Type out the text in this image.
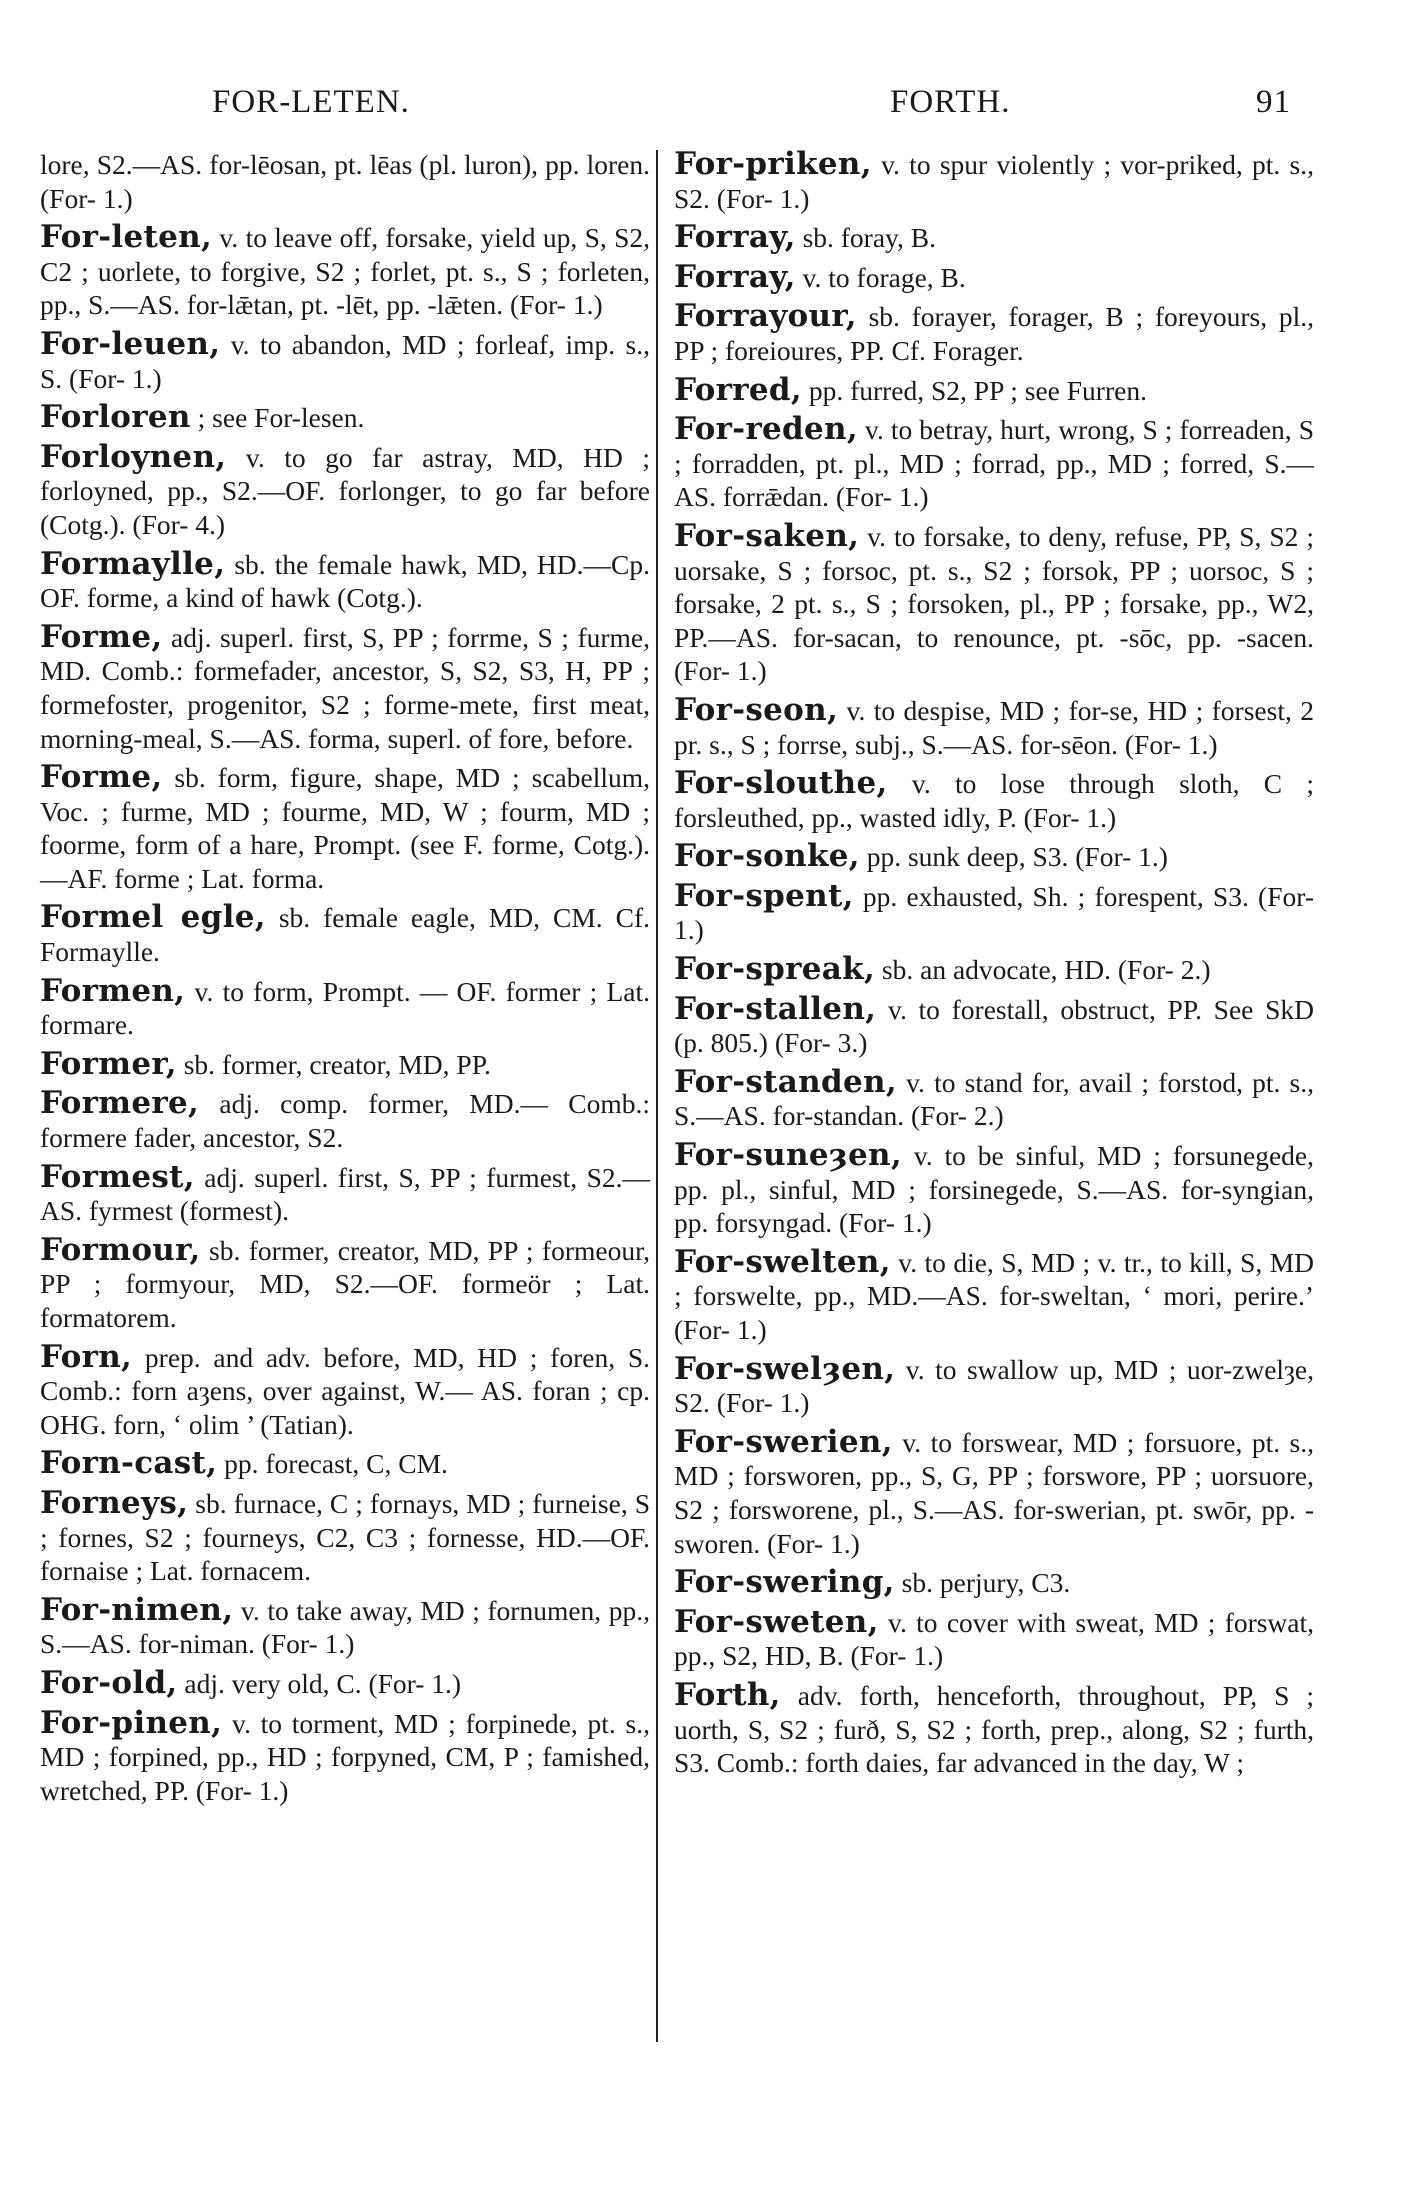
FOR-LETEN.	FORTH.	91
lore, S2.—AS. for-lēosan, pt. lēas (pl. luron), pp. loren. (For- 1.)
For-leten, v. to leave off, forsake, yield up, S, S2, C2 ; uorlete, to forgive, S2 ; forlet, pt. s., S ; forleten, pp., S.—AS. for-lǣtan, pt. -lēt, pp. -lǣten. (For- 1.)
For-leuen, v. to abandon, MD ; forleaf, imp. s., S. (For- 1.)
Forloren ; see For-lesen.
Forloynen, v. to go far astray, MD, HD ; forloyned, pp., S2.—OF. forlonger, to go far before (Cotg.). (For- 4.)
Formaylle, sb. the female hawk, MD, HD.—Cp. OF. forme, a kind of hawk (Cotg.).
Forme, adj. superl. first, S, PP ; forrme, S ; furme, MD. Comb.: formefader, ancestor, S, S2, S3, H, PP ; formefoster, progenitor, S2 ; forme-mete, first meat, morning-meal, S.—AS. forma, superl. of fore, before.
Forme, sb. form, figure, shape, MD ; scabellum, Voc. ; furme, MD ; fourme, MD, W ; fourm, MD ; foorme, form of a hare, Prompt. (see F. forme, Cotg.).—AF. forme ; Lat. forma.
Formel egle, sb. female eagle, MD, CM. Cf. Formaylle.
Formen, v. to form, Prompt. — OF. former ; Lat. formare.
Former, sb. former, creator, MD, PP.
Formere, adj. comp. former, MD.— Comb.: formere fader, ancestor, S2.
Formest, adj. superl. first, S, PP ; furmest, S2.—AS. fyrmest (formest).
Formour, sb. former, creator, MD, PP ; formeour, PP ; formyour, MD, S2.—OF. formeör ; Lat. formatorem.
Forn, prep. and adv. before, MD, HD ; foren, S. Comb.: forn aȝens, over against, W.— AS. foran ; cp. OHG. forn, ‘ olim ’ (Tatian).
Forn-cast, pp. forecast, C, CM.
Forneys, sb. furnace, C ; fornays, MD ; furneise, S ; fornes, S2 ; fourneys, C2, C3 ; fornesse, HD.—OF. fornaise ; Lat. fornacem.
For-nimen, v. to take away, MD ; fornumen, pp., S.—AS. for-niman. (For- 1.)
For-old, adj. very old, C. (For- 1.)
For-pinen, v. to torment, MD ; forpinede, pt. s., MD ; forpined, pp., HD ; forpyned, CM, P ; famished, wretched, PP. (For- 1.)
For-priken, v. to spur violently ; vor-priked, pt. s., S2. (For- 1.)
Forray, sb. foray, B.
Forray, v. to forage, B.
Forrayour, sb. forayer, forager, B ; foreyours, pl., PP ; foreioures, PP. Cf. Forager.
Forred, pp. furred, S2, PP ; see Furren.
For-reden, v. to betray, hurt, wrong, S ; forreaden, S ; forradden, pt. pl., MD ; forrad, pp., MD ; forred, S.—AS. forrǣdan. (For- 1.)
For-saken, v. to forsake, to deny, refuse, PP, S, S2 ; uorsake, S ; forsoc, pt. s., S2 ; forsok, PP ; uorsoc, S ; forsake, 2 pt. s., S ; forsoken, pl., PP ; forsake, pp., W2, PP.—AS. for-sacan, to renounce, pt. -sōc, pp. -sacen. (For- 1.)
For-seon, v. to despise, MD ; for-se, HD ; forsest, 2 pr. s., S ; forrse, subj., S.—AS. for-sēon. (For- 1.)
For-slouthe, v. to lose through sloth, C ; forsleuthed, pp., wasted idly, P. (For- 1.)
For-sonke, pp. sunk deep, S3. (For- 1.)
For-spent, pp. exhausted, Sh. ; forespent, S3. (For- 1.)
For-spreak, sb. an advocate, HD. (For- 2.)
For-stallen, v. to forestall, obstruct, PP. See SkD (p. 805.) (For- 3.)
For-standen, v. to stand for, avail ; forstod, pt. s., S.—AS. for-standan. (For- 2.)
For-suneȝen, v. to be sinful, MD ; forsunegede, pp. pl., sinful, MD ; forsinegede, S.—AS. for-syngian, pp. forsyngad. (For- 1.)
For-swelten, v. to die, S, MD ; v. tr., to kill, S, MD ; forswelte, pp., MD.—AS. for-sweltan, ‘ mori, perire.’ (For- 1.)
For-swelȝen, v. to swallow up, MD ; uor-zwelȝe, S2. (For- 1.)
For-swerien, v. to forswear, MD ; forsuore, pt. s., MD ; forsworen, pp., S, G, PP ; forswore, PP ; uorsuore, S2 ; forsworene, pl., S.—AS. for-swerian, pt. swōr, pp. -sworen. (For- 1.)
For-swering, sb. perjury, C3.
For-sweten, v. to cover with sweat, MD ; forswat, pp., S2, HD, B. (For- 1.)
Forth, adv. forth, henceforth, throughout, PP, S ; uorth, S, S2 ; furð, S, S2 ; forth, prep., along, S2 ; furth, S3. Comb.: forth daies, far advanced in the day, W ;
